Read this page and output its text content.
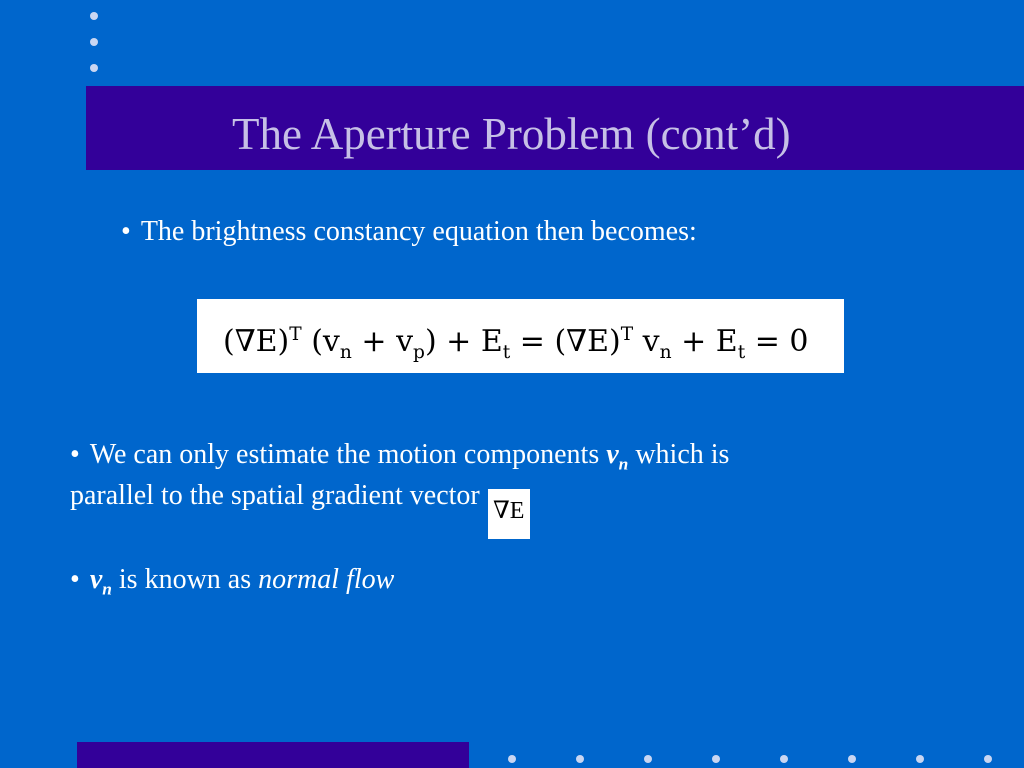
The Aperture Problem (cont’d)
• The brightness constancy equation then becomes:
$(\nabla E)^T$ $(v_n + v_p) + E_t = (\nabla E)^T$ $v_n + E_t = 0$
• We can only estimate the motion components $v_n$ which is
parallel to the spatial gradient vector ∇E
• $v_n$ is known as normal flow
